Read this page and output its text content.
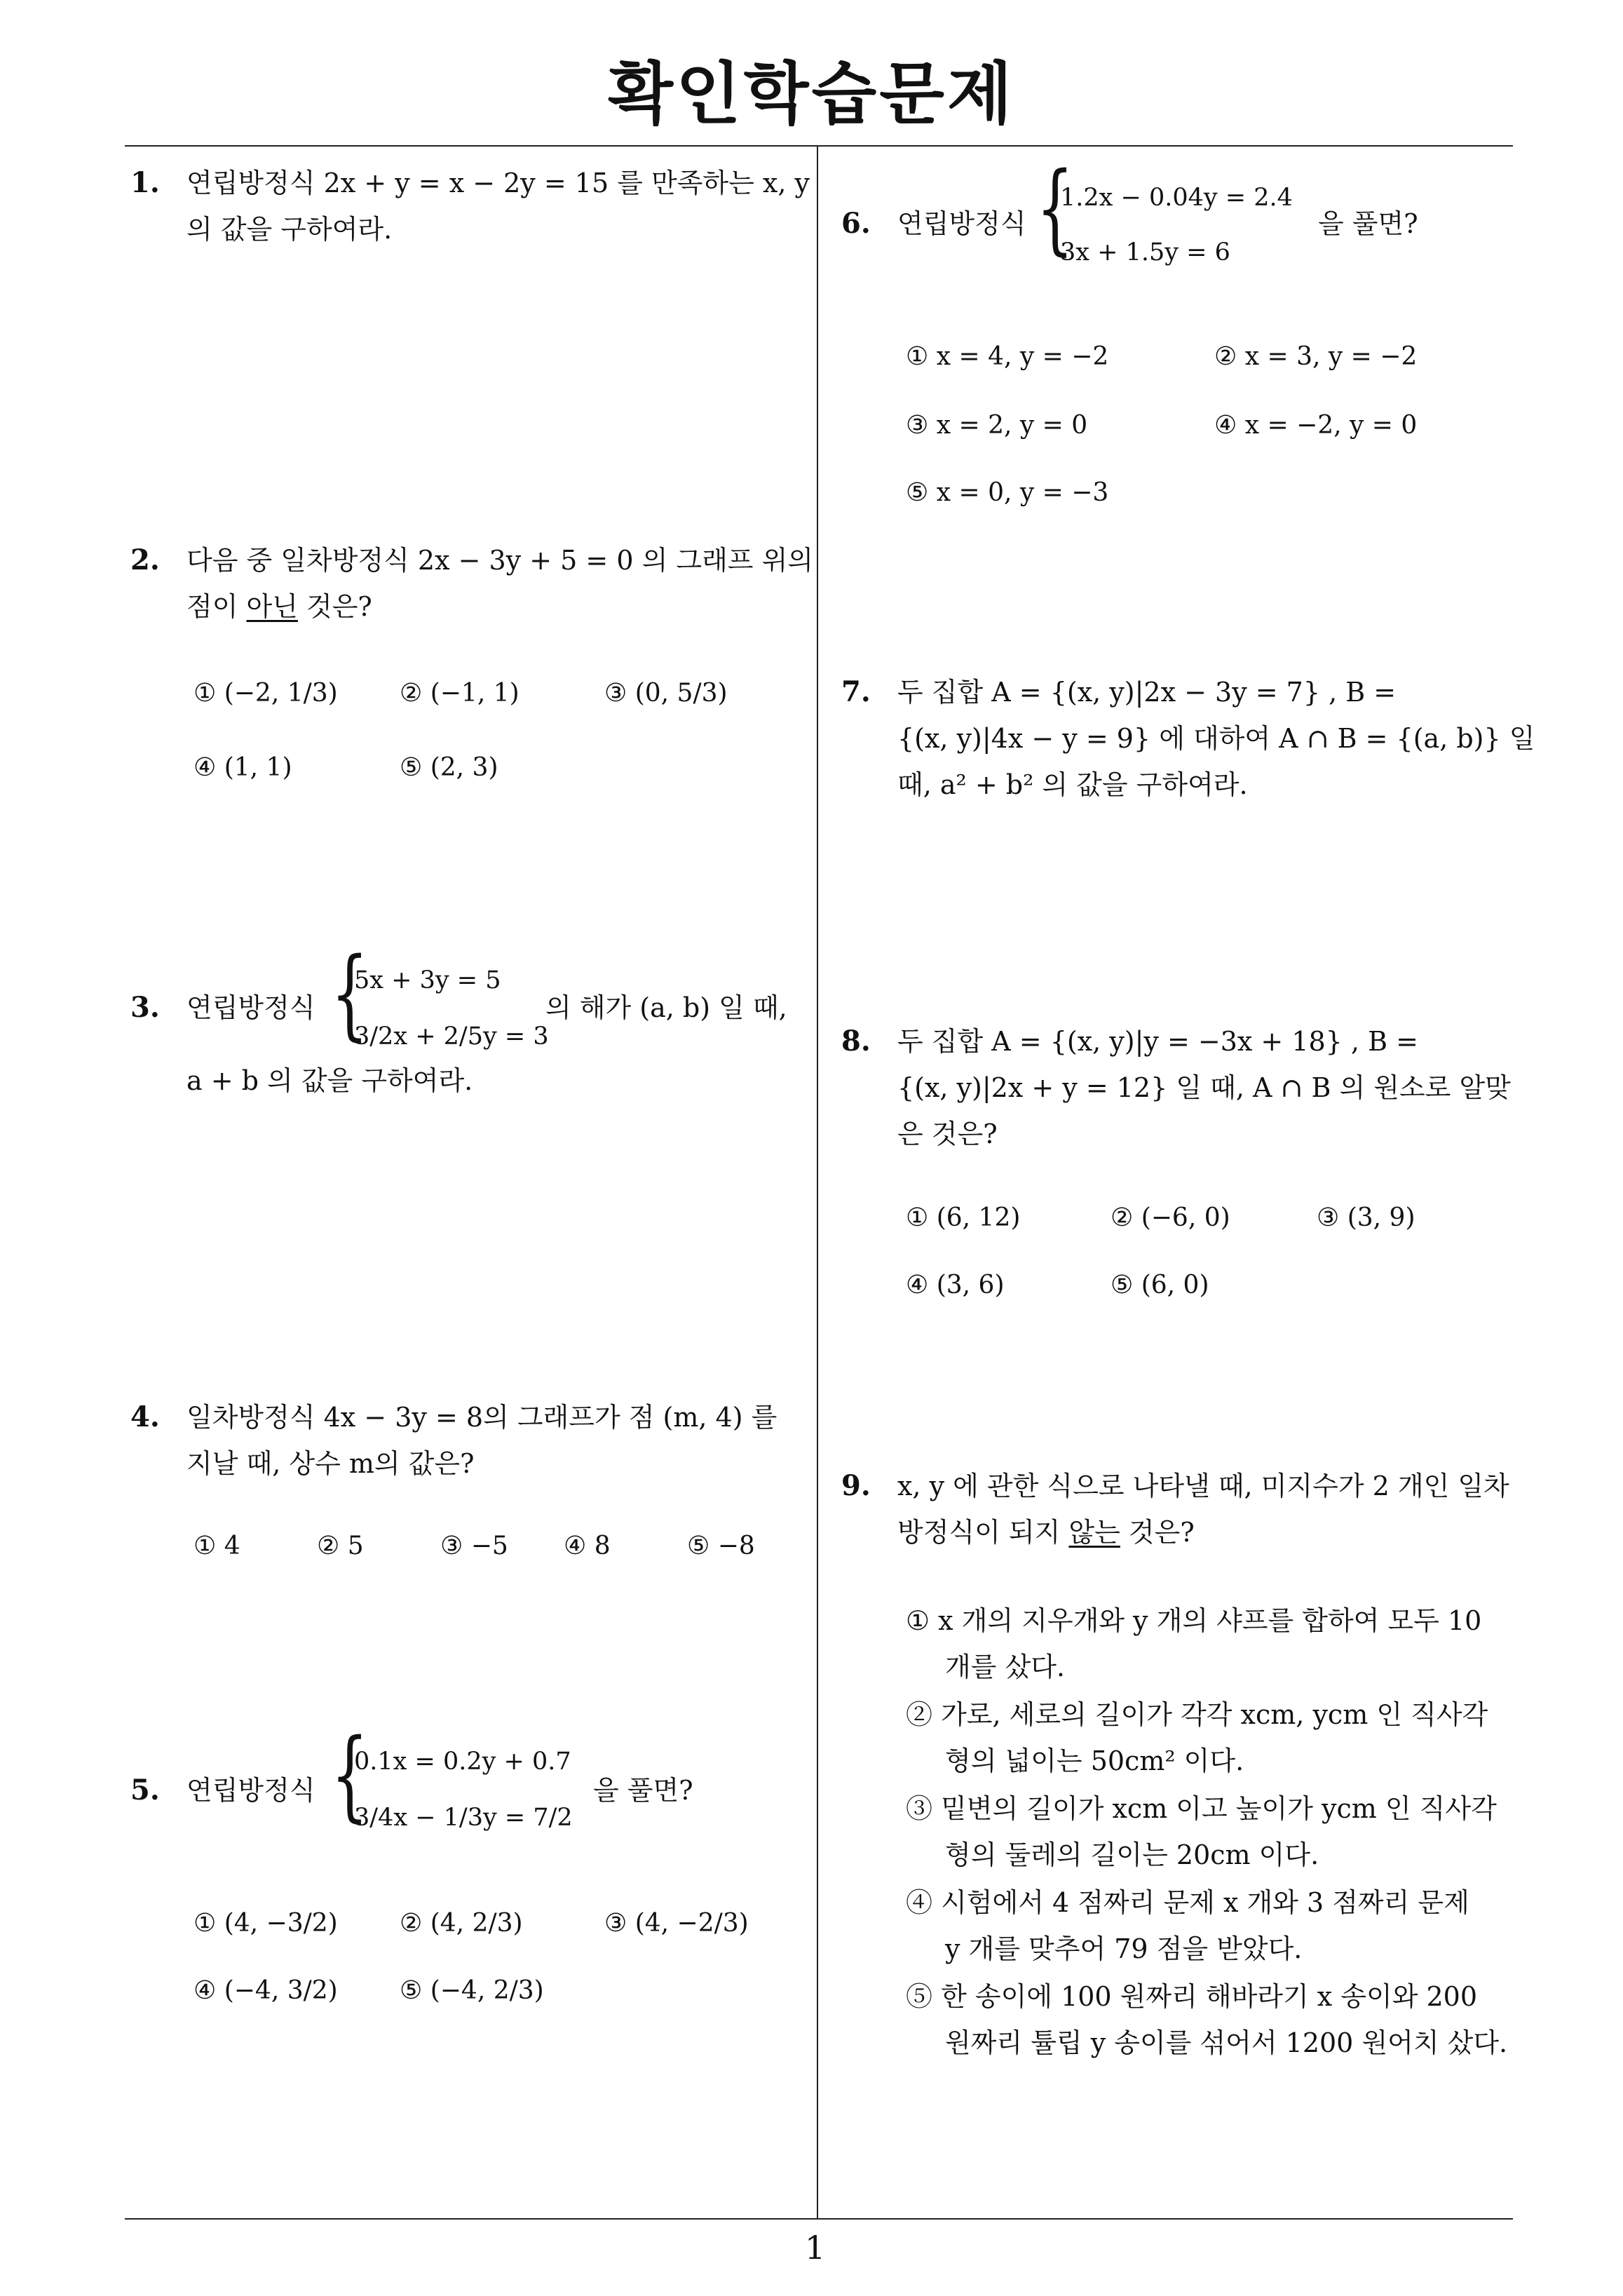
확인학습문제
1
1. 연립방정식 2x + y = x − 2y = 15 를 만족하는 x, y
의 값을 구하여라.
2. 다음 중 일차방정식 2x − 3y + 5 = 0 의 그래프 위의
점이 아닌 것은?
① (−2, 1/3) ② (−1, 1)	③ (0, 5/3)
④ (1, 1)	⑤ (2, 3)
3. 연립방정식	의 해가 (a, b) 일 때,
a + b 의 값을 구하여라.
{
5x + 3y = 5
3/2x + 2/5y = 3
4. 일차방정식 4x − 3y = 8의 그래프가 점 (m, 4) 를
지날 때, 상수 m의 값은?
① 4	② 5	③ −5 ④ 8	⑤ −8
5. 연립방정식	을 풀면?
{
0.1x = 0.2y + 0.7
3/4x − 1/3y = 7/2
① (4, −3/2) ② (4, 2/3)	③ (4, −2/3)
④ (−4, 3/2) ⑤ (−4, 2/3)
6. 연립방정식	을 풀면?
{
1.2x − 0.04y = 2.4
3x + 1.5y = 6
① x = 4, y = −2	② x = 3, y = −2
③ x = 2, y = 0	④ x = −2, y = 0
⑤ x = 0, y = −3
7. 두 집합 A = {(x, y)|2x − 3y = 7} , B =
{(x, y)|4x − y = 9} 에 대하여 A ∩ B = {(a, b)} 일
때, a² + b² 의 값을 구하여라.
8. 두 집합 A = {(x, y)|y = −3x + 18} , B =
{(x, y)|2x + y = 12} 일 때, A ∩ B 의 원소로 알맞
은 것은?
① (6, 12)	② (−6, 0)	③ (3, 9)
④ (3, 6)	⑤ (6, 0)
9. x, y 에 관한 식으로 나타낼 때, 미지수가 2 개인 일차
방정식이 되지 않는 것은?
① x 개의 지우개와 y 개의 샤프를 합하여 모두 10
개를 샀다.
② 가로, 세로의 길이가 각각 xcm, ycm 인 직사각
형의 넓이는 50cm² 이다.
③ 밑변의 길이가 xcm 이고 높이가 ycm 인 직사각
형의 둘레의 길이는 20cm 이다.
④ 시험에서 4 점짜리 문제 x 개와 3 점짜리 문제
y 개를 맞추어 79 점을 받았다.
⑤ 한 송이에 100 원짜리 해바라기 x 송이와 200
원짜리 튤립 y 송이를 섞어서 1200 원어치 샀다.
